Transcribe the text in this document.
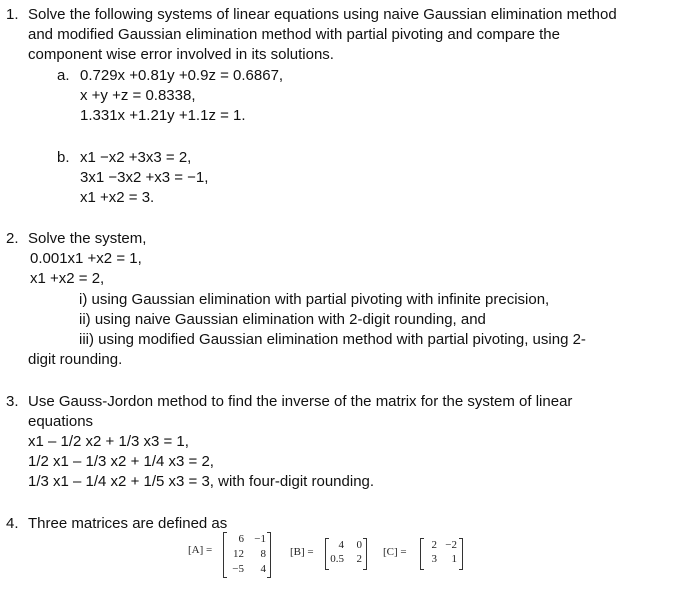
1. Solve the following systems of linear equations using naive Gaussian elimination method
and modified Gaussian elimination method with partial pivoting and compare the
component wise error involved in its solutions.
a. 0.729x +0.81y +0.9z = 0.6867,
x +y +z = 0.8338,
1.331x +1.21y +1.1z = 1.
b. x1 −x2 +3x3 = 2,
3x1 −3x2 +x3 = −1,
x1 +x2 = 3.
2. Solve the system,
0.001x1 +x2 = 1,
x1 +x2 = 2,
i) using Gaussian elimination with partial pivoting with infinite precision,
ii) using naive Gaussian elimination with 2-digit rounding, and
iii) using modified Gaussian elimination method with partial pivoting, using 2-
digit rounding.
3. Use Gauss-Jordon method to find the inverse of the matrix for the system of linear
equations
x1 – 1/2 x2 + 1/3 x3 = 1,
1/2 x1 – 1/3 x2 + 1/4 x3 = 2,
1/3 x1 – 1/4 x2 + 1/5 x3 = 3, with four-digit rounding.
4. Three matrices are defined as
[A] =
6 −1
12	8
−5	4
[B] =
4	0
0.5	2
[C] =
2 −2
3	1
